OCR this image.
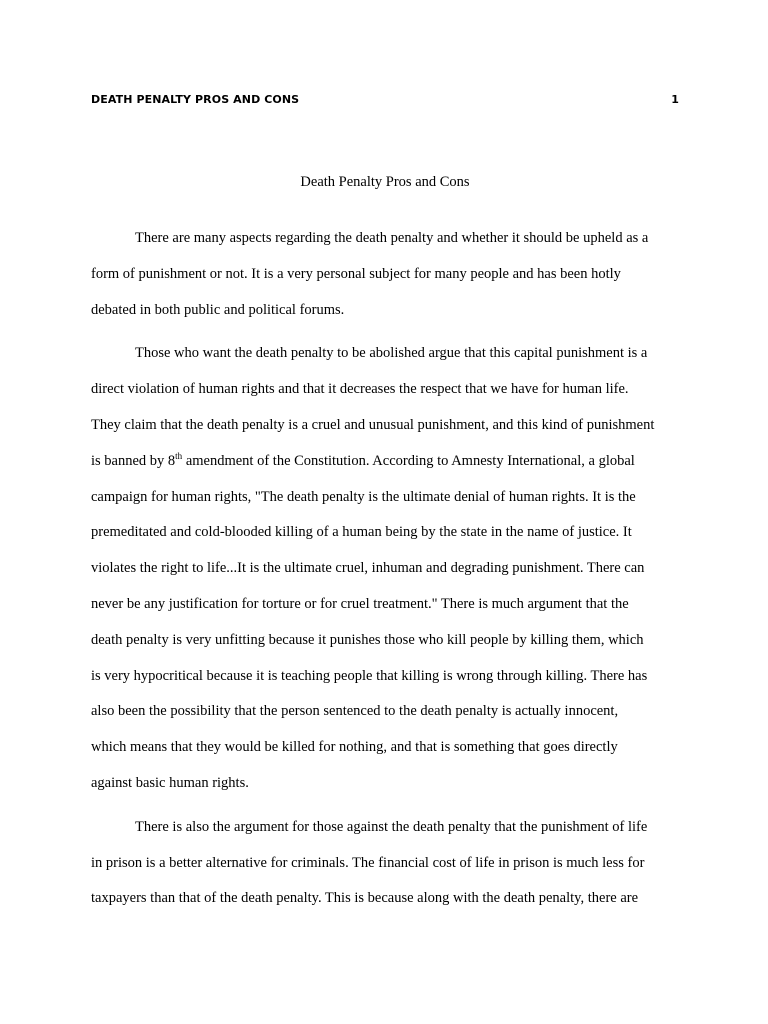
DEATH PENALTY PROS AND CONS	1
Death Penalty Pros and Cons
There are many aspects regarding the death penalty and whether it should be upheld as a
form of punishment or not. It is a very personal subject for many people and has been hotly
debated in both public and political forums.
Those who want the death penalty to be abolished argue that this capital punishment is a
direct violation of human rights and that it decreases the respect that we have for human life.
They claim that the death penalty is a cruel and unusual punishment, and this kind of punishment
is banned by 8th amendment of the Constitution. According to Amnesty International, a global
campaign for human rights, "The death penalty is the ultimate denial of human rights. It is the
premeditated and cold-blooded killing of a human being by the state in the name of justice. It
violates the right to life...It is the ultimate cruel, inhuman and degrading punishment. There can
never be any justification for torture or for cruel treatment." There is much argument that the
death penalty is very unfitting because it punishes those who kill people by killing them, which
is very hypocritical because it is teaching people that killing is wrong through killing. There has
also been the possibility that the person sentenced to the death penalty is actually innocent,
which means that they would be killed for nothing, and that is something that goes directly
against basic human rights.
There is also the argument for those against the death penalty that the punishment of life
in prison is a better alternative for criminals. The financial cost of life in prison is much less for
taxpayers than that of the death penalty. This is because along with the death penalty, there are
